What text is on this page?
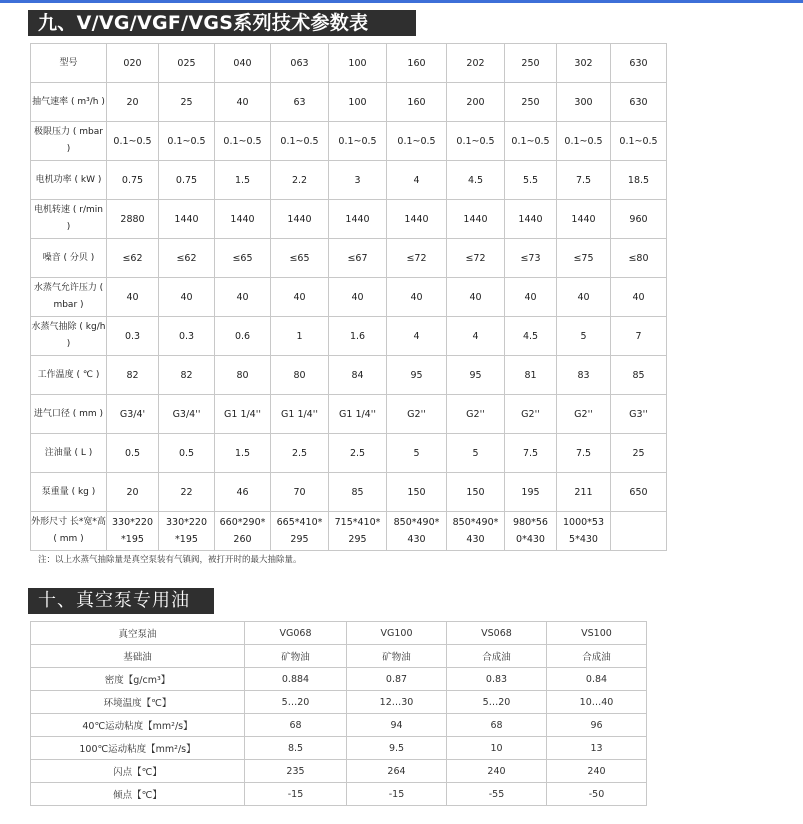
九、V/VG/VGF/VGS系列技术参数表
型号	020	025	040	063	100	160	202	250	302	630
抽气速率 ( m³/h )	20	25	40	63	100	160	200	250	300	630
极限压力 ( mbar )	0.1~0.5	0.1~0.5	0.1~0.5	0.1~0.5	0.1~0.5	0.1~0.5	0.1~0.5	0.1~0.5	0.1~0.5	0.1~0.5
电机功率 ( kW )	0.75	0.75	1.5	2.2	3	4	4.5	5.5	7.5	18.5
电机转速 ( r/min )	2880	1440	1440	1440	1440	1440	1440	1440	1440	960
噪音 ( 分贝 )	≤62	≤62	≤65	≤65	≤67	≤72	≤72	≤73	≤75	≤80
水蒸气允许压力 ( mbar )	40	40	40	40	40	40	40	40	40	40
水蒸气抽除 ( kg/h )	0.3	0.3	0.6	1	1.6	4	4	4.5	5	7
工作温度 ( ℃ )	82	82	80	80	84	95	95	81	83	85
进气口径 ( mm )	G3/4'	G3/4''	G1 1/4''	G1 1/4''	G1 1/4''	G2''	G2''	G2''	G2''	G3''
注油量 ( L )	0.5	0.5	1.5	2.5	2.5	5	5	7.5	7.5	25
泵重量 ( kg )	20	22	46	70	85	150	150	195	211	650
外形尺寸 长*宽*高 ( mm )	330*220 *195	330*220 *195	660*290* 260	665*410* 295	715*410* 295	850*490* 430	850*490* 430	980*56 0*430	1000*53 5*430	
注：以上水蒸气抽除量是真空泵装有气镇阀，被打开时的最大抽除量。
十、真空泵专用油
真空泵油	VG068	VG100	VS068	VS100
基础油	矿物油	矿物油	合成油	合成油
密度【g/cm³】	0.884	0.87	0.83	0.84
环境温度【℃】	5…20	12…30	5…20	10…40
40℃运动粘度【mm²/s】	68	94	68	96
100℃运动粘度【mm²/s】	8.5	9.5	10	13
闪点【℃】	235	264	240	240
倾点【℃】	-15	-15	-55	-50
